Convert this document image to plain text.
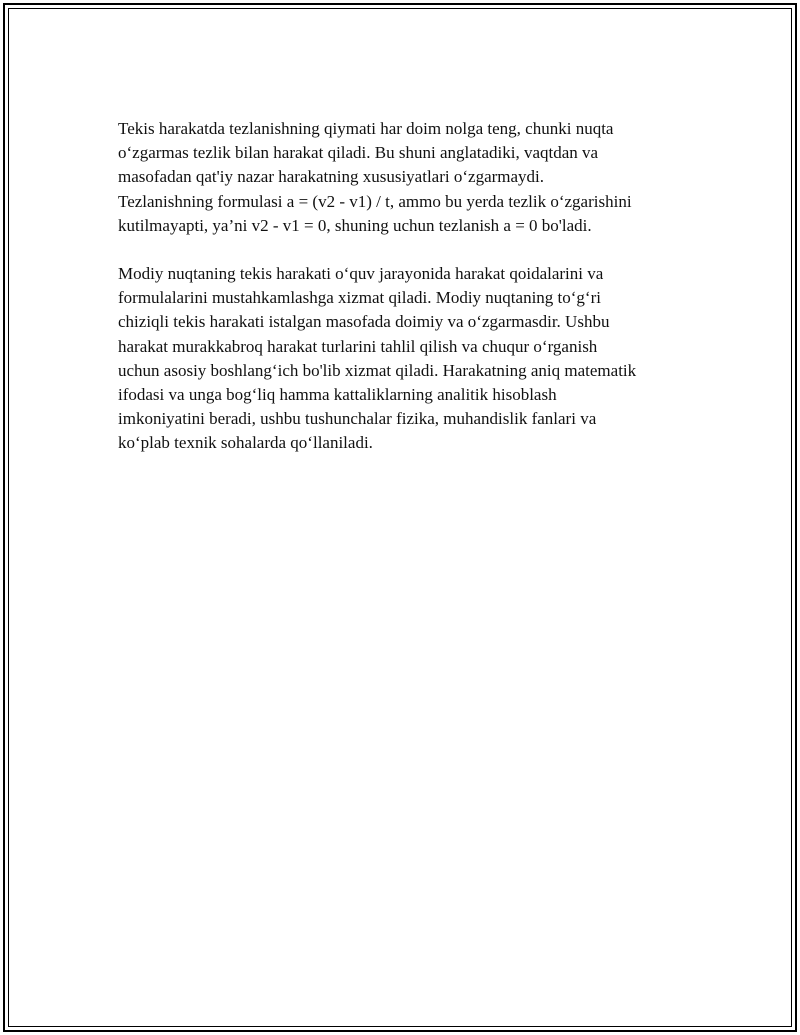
Tekis harakatda tezlanishning qiymati har doim nolga teng, chunki nuqta
o‘zgarmas tezlik bilan harakat qiladi. Bu shuni anglatadiki, vaqtdan va
masofadan qat'iy nazar harakatning xususiyatlari o‘zgarmaydi.
Tezlanishning formulasi a = (v2 - v1) / t, ammo bu yerda tezlik o‘zgarishini
kutilmayapti, ya’ni v2 - v1 = 0, shuning uchun tezlanish a = 0 bo'ladi.

Modiy nuqtaning tekis harakati o‘quv jarayonida harakat qoidalarini va
formulalarini mustahkamlashga xizmat qiladi. Modiy nuqtaning to‘g‘ri
chiziqli tekis harakati istalgan masofada doimiy va o‘zgarmasdir. Ushbu
harakat murakkabroq harakat turlarini tahlil qilish va chuqur o‘rganish
uchun asosiy boshlang‘ich bo'lib xizmat qiladi. Harakatning aniq matematik
ifodasi va unga bog‘liq hamma kattaliklarning analitik hisoblash
imkoniyatini beradi, ushbu tushunchalar fizika, muhandislik fanlari va
ko‘plab texnik sohalarda qo‘llaniladi.
